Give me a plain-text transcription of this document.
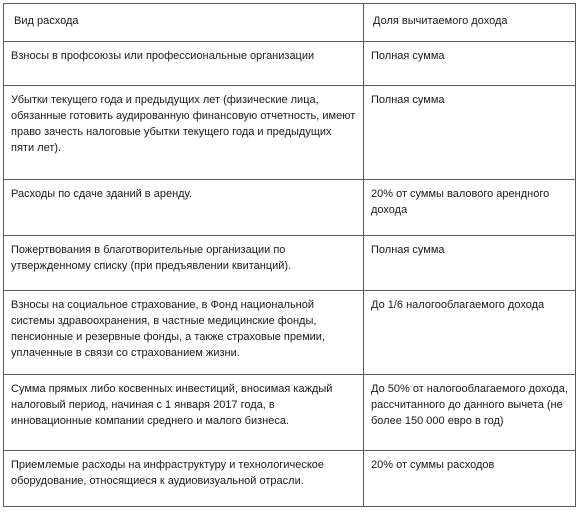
Вид расхода	Доля вычитаемого дохода
Взносы в профсоюзы или профессиональные организации	Полная сумма
Убытки текущего года и предыдущих лет (физические лица, обязанные готовить аудированную финансовую отчетность, имеют право зачесть налоговые убытки текущего года и предыдущих пяти лет).	Полная сумма
Расходы по сдаче зданий в аренду.	20% от суммы валового арендного дохода
Пожертвования в благотворительные организации по утвержденному списку (при предъявлении квитанций).	Полная сумма
Взносы на социальное страхование, в Фонд национальной системы здравоохранения, в частные медицинские фонды, пенсионные и резервные фонды, а также страховые премии, уплаченные в связи со страхованием жизни.	До 1/6 налогооблагаемого дохода
Сумма прямых либо косвенных инвестиций, вносимая каждый налоговый период, начиная с 1 января 2017 года, в инновационные компании среднего и малого бизнеса.	До 50% от налогооблагаемого дохода, рассчитанного до данного вычета (не более 150 000 евро в год)
Приемлемые расходы на инфраструктуру и технологическое оборудование, относящиеся к аудиовизуальной отрасли.	20% от суммы расходов
